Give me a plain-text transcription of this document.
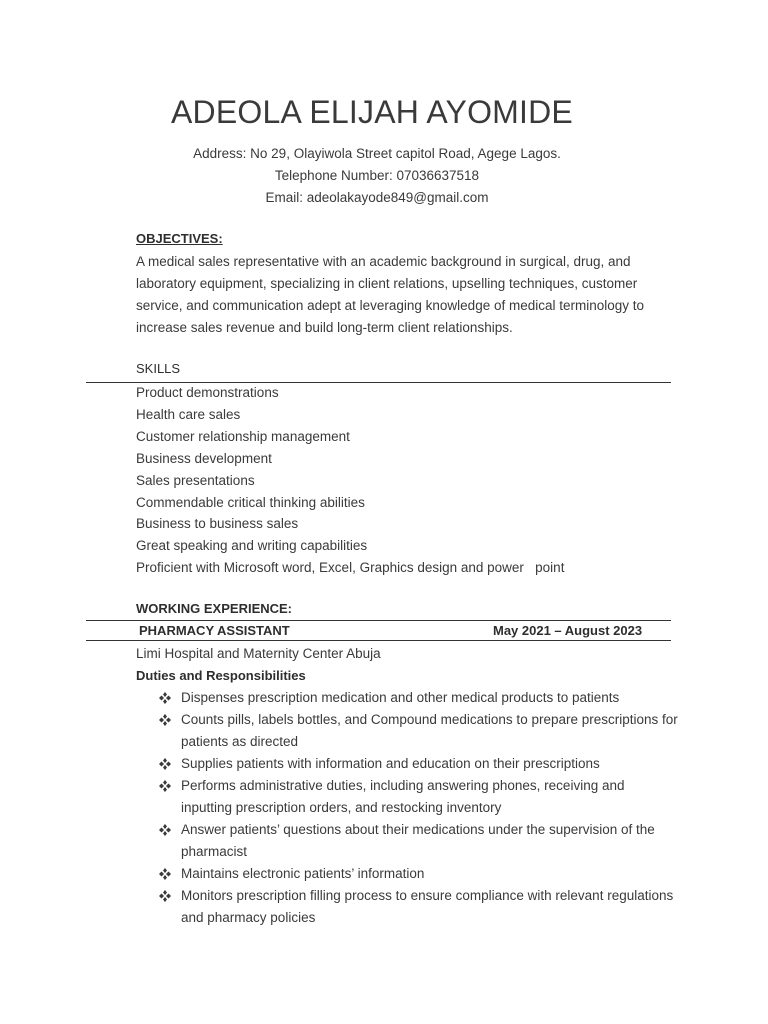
ADEOLA ELIJAH AYOMIDE
Address: No 29, Olayiwola Street capitol Road, Agege Lagos.
Telephone Number: 07036637518
Email: adeolakayode849@gmail.com
OBJECTIVES:

A medical sales representative with an academic background in surgical, drug, and laboratory equipment, specializing in client relations, upselling techniques, customer service, and communication adept at leveraging knowledge of medical terminology to increase sales revenue and build long-term client relationships.

SKILLS
Product demonstrations
Health care sales
Customer relationship management
Business development
Sales presentations
Commendable critical thinking abilities
Business to business sales
Great speaking and writing capabilities
Proficient with Microsoft word, Excel, Graphics design and power   point
WORKING EXPERIENCE:
PHARMACY ASSISTANT	May 2021 – August 2023
Limi Hospital and Maternity Center Abuja
Duties and Responsibilities
Dispenses prescription medication and other medical products to patients
Counts pills, labels bottles, and Compound medications to prepare prescriptions for patients as directed
Supplies patients with information and education on their prescriptions
Performs administrative duties, including answering phones, receiving and inputting prescription orders, and restocking inventory
Answer patients’ questions about their medications under the supervision of the pharmacist
Maintains electronic patients’ information
Monitors prescription filling process to ensure compliance with relevant regulations and pharmacy policies
